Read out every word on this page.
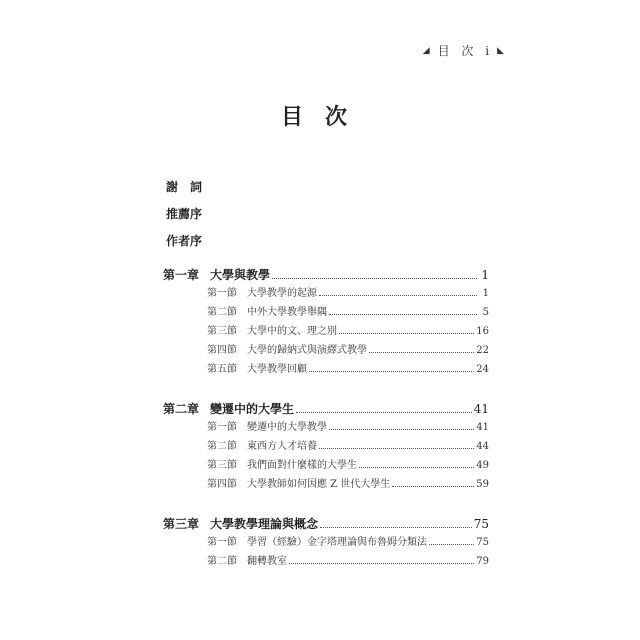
◢ 目 次 i ◣
目次
謝詞
推薦序
作者序
第一章 大學與教學	1
第一節	大學教學的起源	1
第二節	中外大學教學舉隅	5
第三節	大學中的文、理之別	16
第四節	大學的歸納式與演繹式教學	22
第五節	大學教學回顧	24
第二章 變遷中的大學生	41
第一節	變遷中的大學教學	41
第二節	東西方人才培養	44
第三節	我們面對什麼樣的大學生	49
第四節	大學教師如何因應 Z 世代大學生	59
第三章 大學教學理論與概念	75
第一節	學習（經驗）金字塔理論與布魯姆分類法	75
第二節	翻轉教室	79
